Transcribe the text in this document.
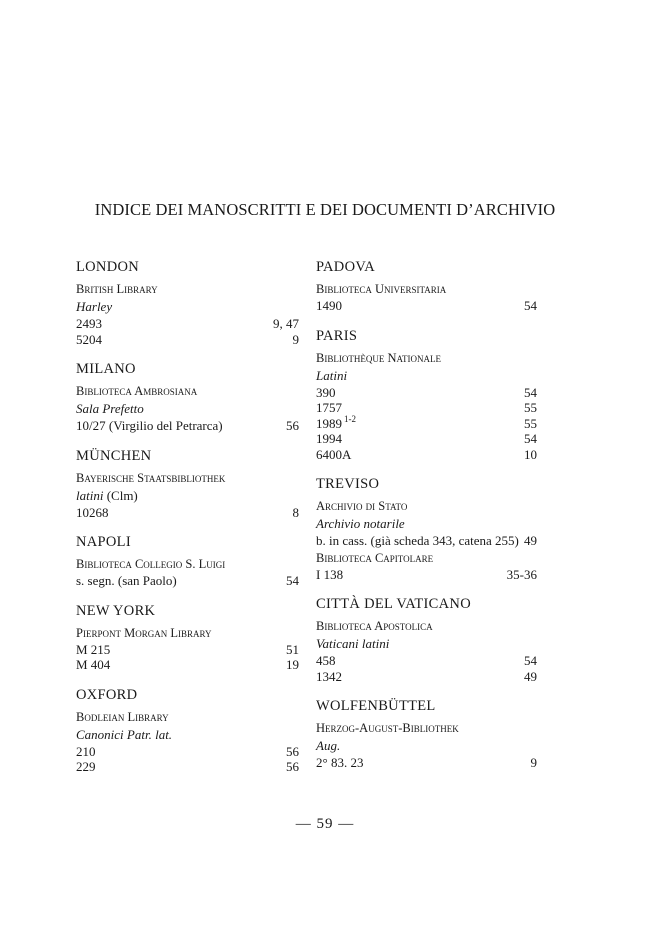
INDICE DEI MANOSCRITTI E DEI DOCUMENTI D’ARCHIVIO
LONDON
British Library
Harley
2493	9, 47
5204	9
MILANO
Biblioteca Ambrosiana
Sala Prefetto
10/27 (Virgilio del Petrarca)	56
MÜNCHEN
Bayerische Staatsbibliothek
latini (Clm)
10268	8
NAPOLI
Biblioteca Collegio S. Luigi
s. segn. (san Paolo)	54
NEW YORK
Pierpont Morgan Library
M 215	51
M 404	19
OXFORD
Bodleian Library
Canonici Patr. lat.
210	56
229	56
PADOVA
Biblioteca Universitaria
1490	54
PARIS
Bibliothèque Nationale
Latini
390	54
1757	55
1989 $^{1-2}$	55
1994	54
6400A	10
TREVISO
Archivio di Stato
Archivio notarile
b. in cass. (già scheda 343, catena 255) 49
Biblioteca Capitolare
I 138	35-36
CITTÀ DEL VATICANO
Biblioteca Apostolica
Vaticani latini
458	54
1342	49
WOLFENBÜTTEL
Herzog-August-Bibliothek
Aug.
2° 83. 23	9
— 59 —
